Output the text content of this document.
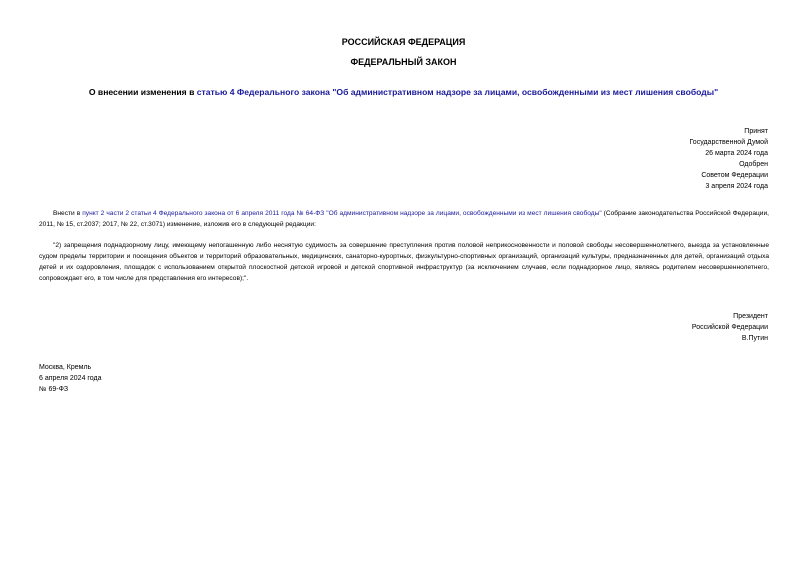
РОССИЙСКАЯ ФЕДЕРАЦИЯ
ФЕДЕРАЛЬНЫЙ ЗАКОН
О внесении изменения в статью 4 Федерального закона "Об административном надзоре за лицами, освобожденными из мест лишения свободы"
Принят
Государственной Думой
26 марта 2024 года
Одобрен
Советом Федерации
3 апреля 2024 года
Внести в пункт 2 части 2 статьи 4 Федерального закона от 6 апреля 2011 года № 64-ФЗ "Об административном надзоре за лицами, освобожденными из мест лишения свободы" (Собрание законодательства Российской Федерации, 2011, № 15, ст.2037; 2017, № 22, ст.3071) изменение, изложив его в следующей редакции:
"2) запрещения поднадзорному лицу, имеющему непогашенную либо неснятую судимость за совершение преступления против половой неприкосновенности и половой свободы несовершеннолетнего, выезда за установленные судом пределы территории и посещения объектов и территорий образовательных, медицинских, санаторно-курортных, физкультурно-спортивных организаций, организаций культуры, предназначенных для детей, организаций отдыха детей и их оздоровления, площадок с использованием открытой плоскостной детской игровой и детской спортивной инфраструктур (за исключением случаев, если поднадзорное лицо, являясь родителем несовершеннолетнего, сопровождает его, в том числе для представления его интересов);".
Президент
Российской Федерации
В.Путин
Москва, Кремль
6 апреля 2024 года
№ 69-ФЗ
